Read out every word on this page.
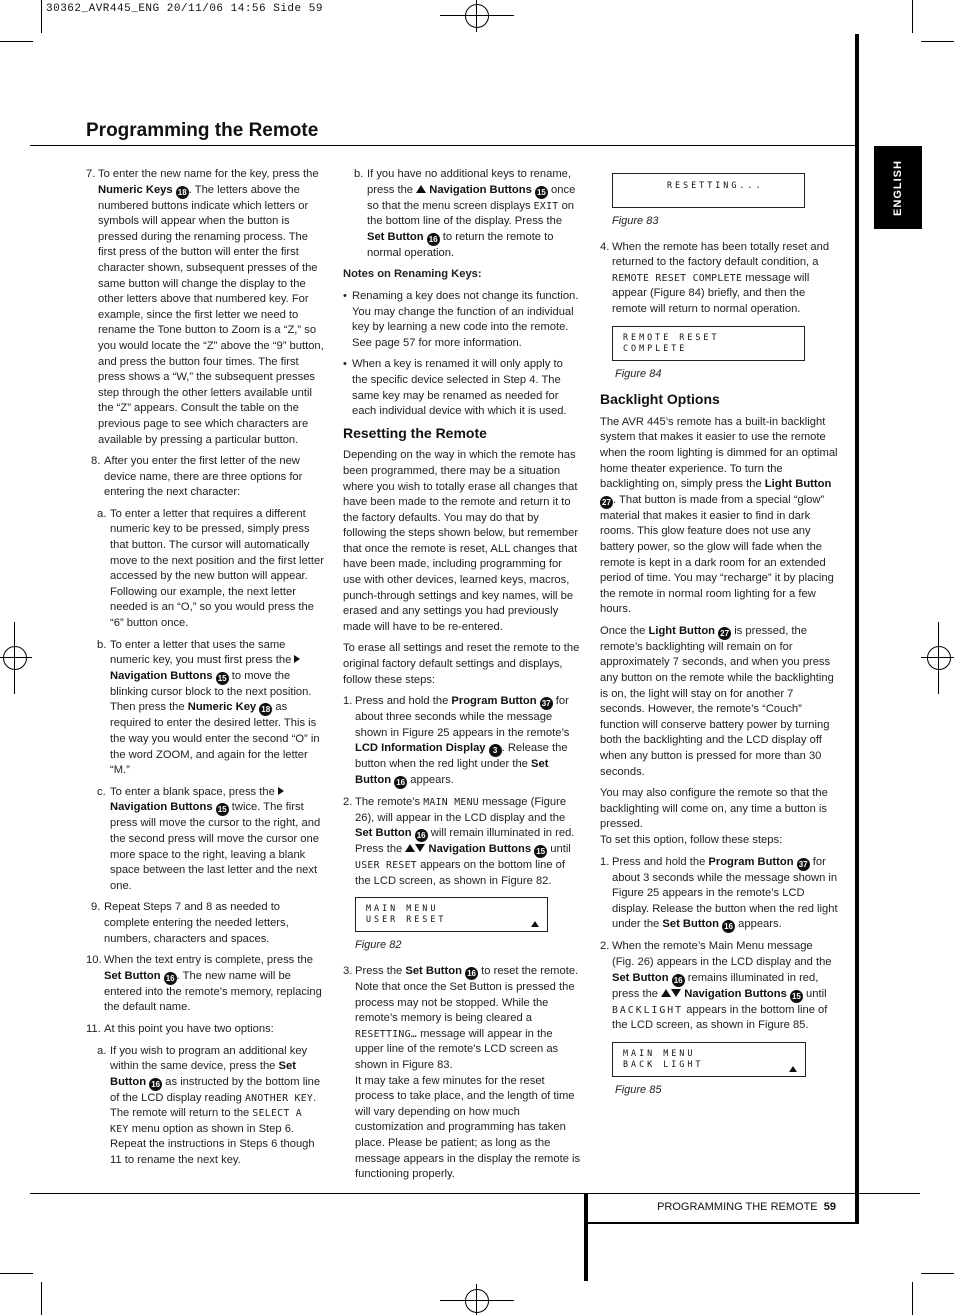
30362_AVR445_ENG 20/11/06 14:56 Side 59
Programming the Remote
ENGLISH
PROGRAMMING THE REMOTE 59
7. To enter the new name for the key, press the Numeric Keys 18 . The letters above the numbered buttons indicate which letters or symbols will appear when the button is pressed during the renaming process. The first press of the button will enter the first character shown, subsequent presses of the same button will change the display to the other letters above that numbered key. For example, since the first letter we need to rename the Tone button to Zoom is a “Z,” so you would locate the “Z” above the “9” button, and press the button four times. The first press shows a “W,” the subsequent presses step through the other letters available until the “Z” appears. Consult the table on the previous page to see which characters are available by pressing a particular button.
8. After you enter the first letter of the new device name, there are three options for entering the next character:
a. To enter a letter that requires a different numeric key to be pressed, simply press that button. The cursor will automatically move to the next position and the first letter accessed by the new button will appear. Following our example, the next letter needed is an “O,” so you would press the “6” button once.
b. To enter a letter that uses the same numeric key, you must first press the  Navigation Buttons 15 to move the blinking cursor block to the next position. Then press the Numeric Key 18 as required to enter the desired letter. This is the way you would enter the second “O” in the word ZOOM, and again for the letter “M.”
c. To enter a blank space, press the  Navigation Buttons 15 twice. The first press will move the cursor to the right, and the second press will move the cursor one more space to the right, leaving a blank space between the last letter and the next one.
9. Repeat Steps 7 and 8 as needed to complete entering the needed letters, numbers, characters and spaces.
10. When the text entry is complete, press the Set Button 16 . The new name will be entered into the remote’s memory, replacing the default name.
11. At this point you have two options:
a. If you wish to program an additional key within the same device, press the Set Button 16 as instructed by the bottom line of the LCD display reading ANOTHER KEY. The remote will return to the SELECT A KEY menu option as shown in Step 6. Repeat the instructions in Steps 6 though 11 to rename the next key.
b. If you have no additional keys to rename, press the  Navigation Buttons 15 once so that the menu screen displays EXIT on the bottom line of the display. Press the Set Button 16 to return the remote to normal operation.

Notes on Renaming Keys:

• Renaming a key does not change its function. You may change the function of an individual key by learning a new code into the remote. See page 57 for more information.
• When a key is renamed it will only apply to the specific device selected in Step 4. The same key may be renamed as needed for each individual device with which it is used.
Resetting the Remote

Depending on the way in which the remote has been programmed, there may be a situation where you wish to totally erase all changes that have been made to the remote and return it to the factory defaults. You may do that by following the steps shown below, but remember that once the remote is reset, ALL changes that have been made, including programming for use with other devices, learned keys, macros, punch-through settings and key names, will be erased and any settings you had previously made will have to be re-entered.

To erase all settings and reset the remote to the original factory default settings and displays, follow these steps:

1. Press and hold the Program Button 37 for about three seconds while the message shown in Figure 25 appears in the remote’s LCD Information Display 3 . Release the button when the red light under the Set Button 16 appears.
2. The remote’s MAIN MENU message (Figure 26), will appear in the LCD display and the Set Button 16 will remain illuminated in red. Press the  Navigation Buttons 15 until USER RESET appears on the bottom line of the LCD screen, as shown in Figure 82.
MAIN MENU
USER RESET
Figure 82
3. Press the Set Button 16 to reset the remote. Note that once the Set Button is pressed the process may not be stopped. While the remote’s memory is being cleared a RESETTING… message will appear in the upper line of the remote’s LCD screen as shown in Figure 83.
It may take a few minutes for the reset process to take place, and the length of time will vary depending on how much customization and programming has taken place. Please be patient; as long as the message appears in the display the remote is functioning properly.
RESETTING...
Figure 83
4. When the remote has been totally reset and returned to the factory default condition, a REMOTE RESET COMPLETE message will appear (Figure 84) briefly, and then the remote will return to normal operation.
REMOTE RESET
COMPLETE
Figure 84
Backlight Options

The AVR 445’s remote has a built-in backlight system that makes it easier to use the remote when the room lighting is dimmed for an optimal home theater experience. To turn the backlighting on, simply press the Light Button 27 . That button is made from a special “glow” material that makes it easier to find in dark rooms. This glow feature does not use any battery power, so the glow will fade when the remote is kept in a dark room for an extended period of time. You may “recharge” it by placing the remote in normal room lighting for a few hours.

Once the Light Button 27 is pressed, the remote’s backlighting will remain on for approximately 7 seconds, and when you press any button on the remote while the backlighting is on, the light will stay on for another 7 seconds. However, the remote’s “Couch” function will conserve battery power by turning both the backlighting and the LCD display off when any button is pressed for more than 30 seconds.

You may also configure the remote so that the backlighting will come on, any time a button is pressed.

To set this option, follow these steps:

1. Press and hold the Program Button 37 for about 3 seconds while the message shown in Figure 25 appears in the remote’s LCD display. Release the button when the red light under the Set Button 16 appears.
2. When the remote’s Main Menu message (Fig. 26) appears in the LCD display and the Set Button 16 remains illuminated in red, press the  Navigation Buttons 15 until BACKLIGHT appears in the bottom line of the LCD screen, as shown in Figure 85.
MAIN MENU
BACK LIGHT
Figure 85
